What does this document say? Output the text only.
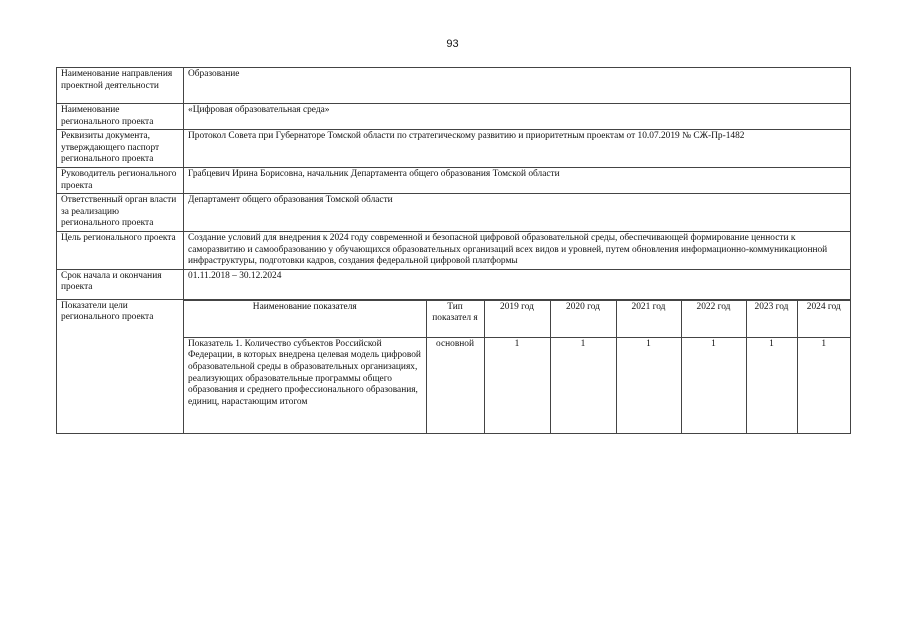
93
Наименование направления проектной деятельности	Образование
Наименование регионального проекта	«Цифровая образовательная среда»
Реквизиты документа, утверждающего паспорт регионального проекта	Протокол Совета при Губернаторе Томской области по стратегическому развитию и приоритетным проектам от 10.07.2019 № СЖ-Пр-1482
Руководитель регионального проекта	Грабцевич Ирина Борисовна, начальник Департамента общего образования Томской области
Ответственный орган власти за реализацию регионального проекта	Департамент общего образования Томской области
Цель регионального проекта	Создание условий для внедрения к 2024 году современной и безопасной цифровой образовательной среды, обеспечивающей формирование ценности к саморазвитию и самообразованию у обучающихся образовательных организаций всех видов и уровней, путем обновления информационно-коммуникационной инфраструктуры, подготовки кадров, создания федеральной цифровой платформы
Срок начала и окончания проекта	01.11.2018 – 30.12.2024
Показатели цели регионального проекта	
Наименование показателя	Тип показател я	2019 год	2020 год	2021 год	2022 год	2023 год	2024 год
Показатель 1. Количество субъектов Российской Федерации, в которых внедрена целевая модель цифровой образовательной среды в образовательных организациях, реализующих образовательные программы общего образования и среднего профессионального образования, единиц, нарастающим итогом	основной	1	1	1	1	1	1
